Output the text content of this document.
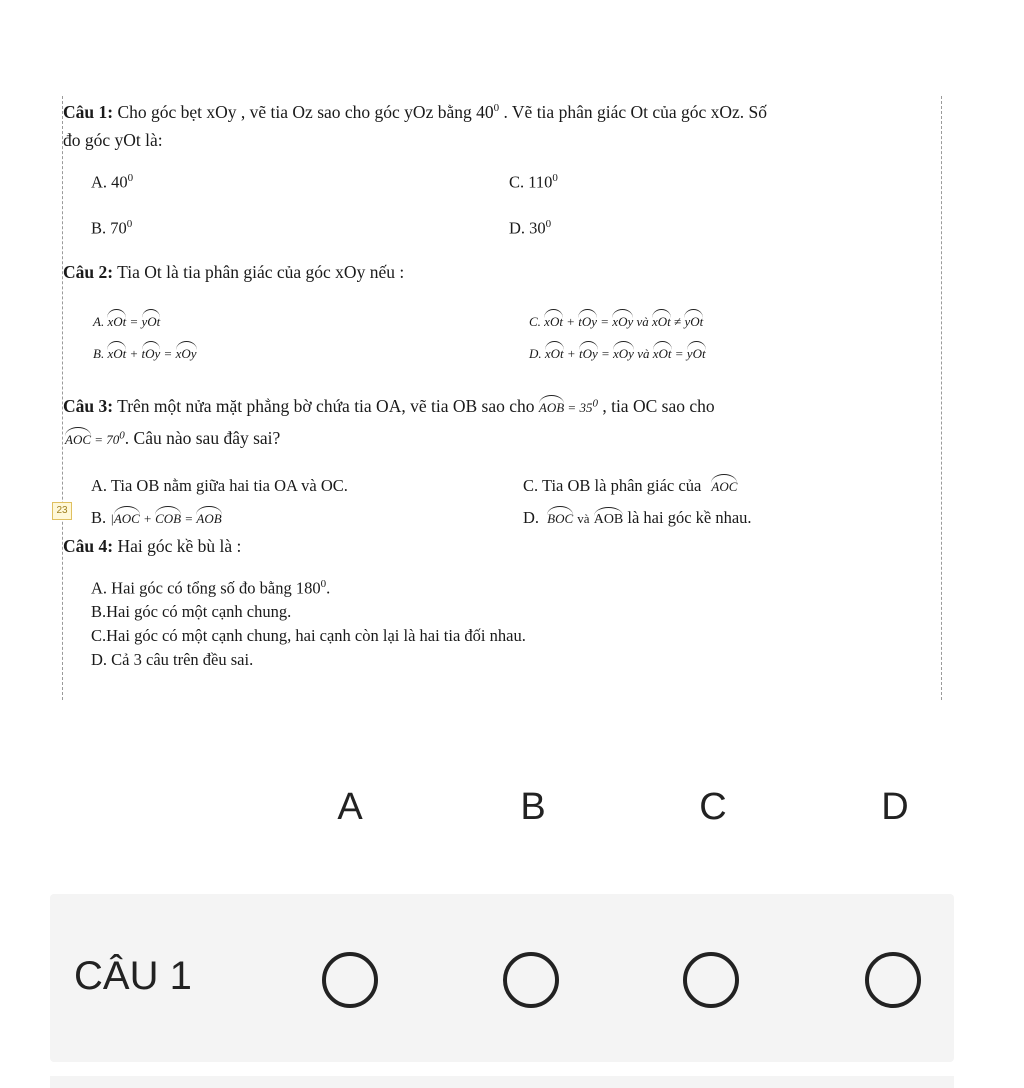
Câu 1: Cho góc bẹt xOy , vẽ tia Oz sao cho góc yOz bằng $40^0$ . Vẽ tia phân giác Ot của góc xOz. Số
đo góc yOt là:
A. $40^0$	C. $110^0$
B. $70^0$	D. $30^0$
Câu 2: Tia Ot là tia phân giác của góc xOy nếu :
A. xOt = yOt	C. xOt + tOy = xOy và xOt ≠ yOt
B. xOt + tOy = xOy	D. xOt + tOy = xOy và xOt = yOt
Câu 3: Trên một nửa mặt phẳng bờ chứa tia OA, vẽ tia OB sao cho AOB = $35^0$ , tia OC sao cho
AOC = $70^0$. Câu nào sau đây sai?
A. Tia OB nằm giữa hai tia OA và OC.	C. Tia OB là phân giác của AOC
B. |AOC + COB = AOB	D. BOC và AOB là hai góc kề nhau.
23
Câu 4: Hai góc kề bù là :
A. Hai góc có tổng số đo bằng $180^0$.
B.Hai góc có một cạnh chung.
C.Hai góc có một cạnh chung, hai cạnh còn lại là hai tia đối nhau.
D. Cả 3 câu trên đều sai.
A	B	C	D
CÂU 1
